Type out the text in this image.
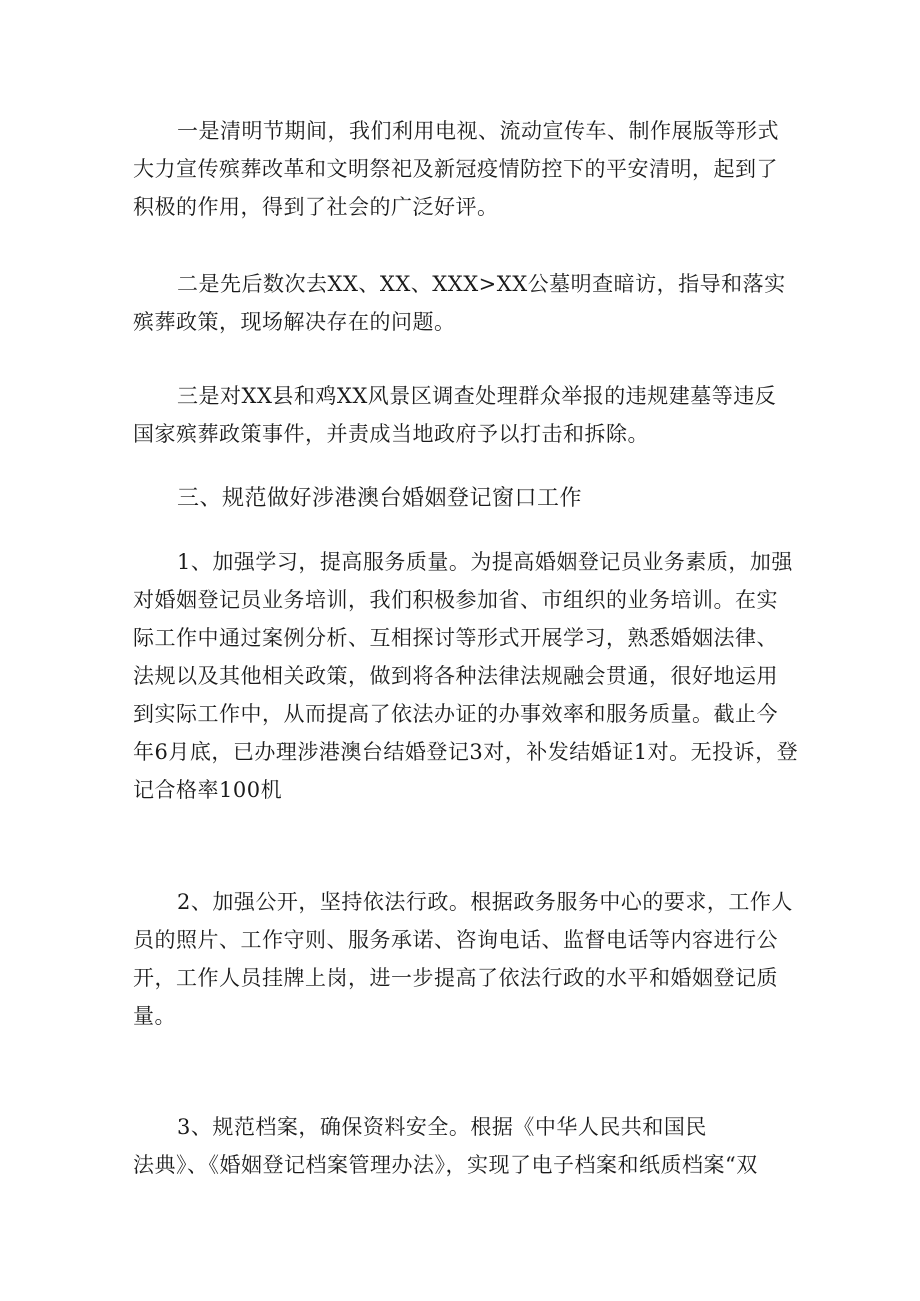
一是清明节期间，我们利用电视、流动宣传车、制作展版等形式
大力宣传殡葬改革和文明祭祀及新冠疫情防控下的平安清明，起到了
积极的作用，得到了社会的广泛好评。
二是先后数次去XX、XX、XXX>XX公墓明查暗访，指导和落实
殡葬政策，现场解决存在的问题。
三是对XX县和鸡XX风景区调查处理群众举报的违规建墓等违反
国家殡葬政策事件，并责成当地政府予以打击和拆除。
三、规范做好涉港澳台婚姻登记窗口工作
1、加强学习，提高服务质量。为提高婚姻登记员业务素质，加强
对婚姻登记员业务培训，我们积极参加省、市组织的业务培训。在实
际工作中通过案例分析、互相探讨等形式开展学习，熟悉婚姻法律、
法规以及其他相关政策，做到将各种法律法规融会贯通，很好地运用
到实际工作中，从而提高了依法办证的办事效率和服务质量。截止今
年6月底，已办理涉港澳台结婚登记3对，补发结婚证1对。无投诉，登
记合格率100机
2、加强公开，坚持依法行政。根据政务服务中心的要求，工作人
员的照片、工作守则、服务承诺、咨询电话、监督电话等内容进行公
开，工作人员挂牌上岗，进一步提高了依法行政的水平和婚姻登记质
量。
3、规范档案，确保资料安全。根据《中华人民共和国民
法典》、《婚姻登记档案管理办法》，实现了电子档案和纸质档案“双
